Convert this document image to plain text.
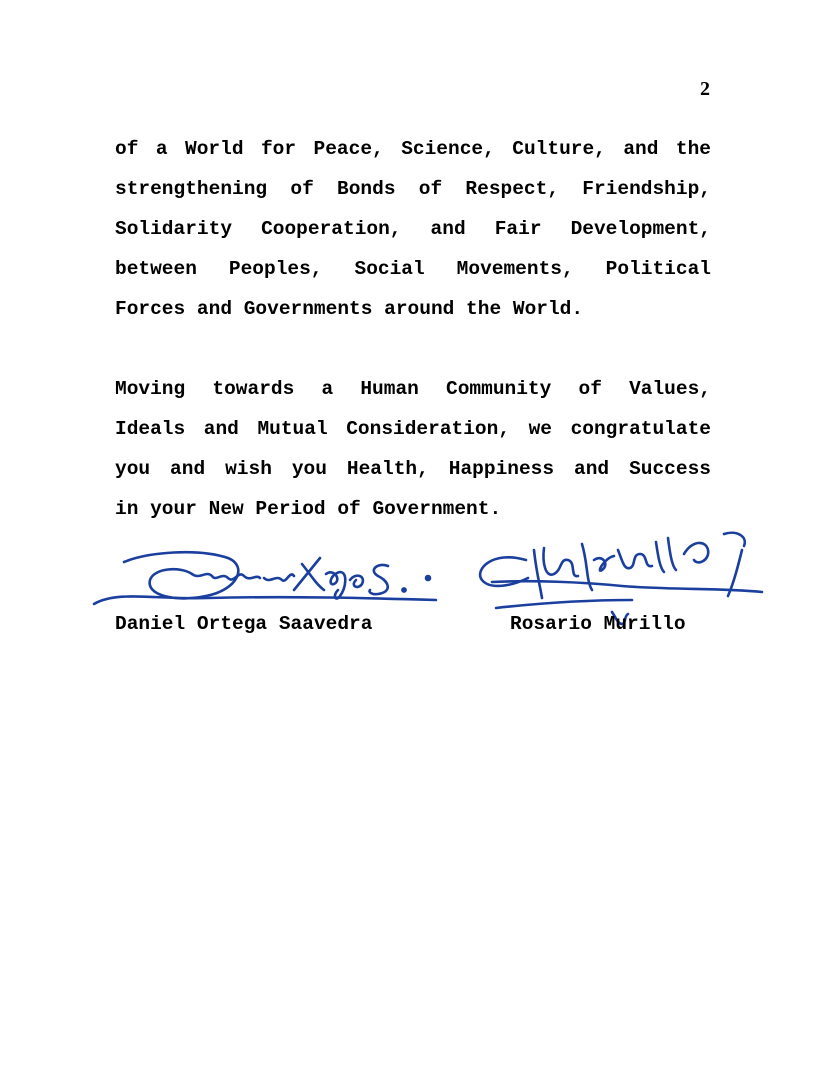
2
of a World for Peace, Science, Culture, and the
strengthening of Bonds of Respect, Friendship,
Solidarity Cooperation, and Fair Development,
between Peoples, Social Movements, Political
Forces and Governments around the World.
Moving towards a Human Community of Values,
Ideals and Mutual Consideration, we congratulate
you and wish you Health, Happiness and Success
in your New Period of Government.
Daniel Ortega Saavedra	Rosario Murillo
